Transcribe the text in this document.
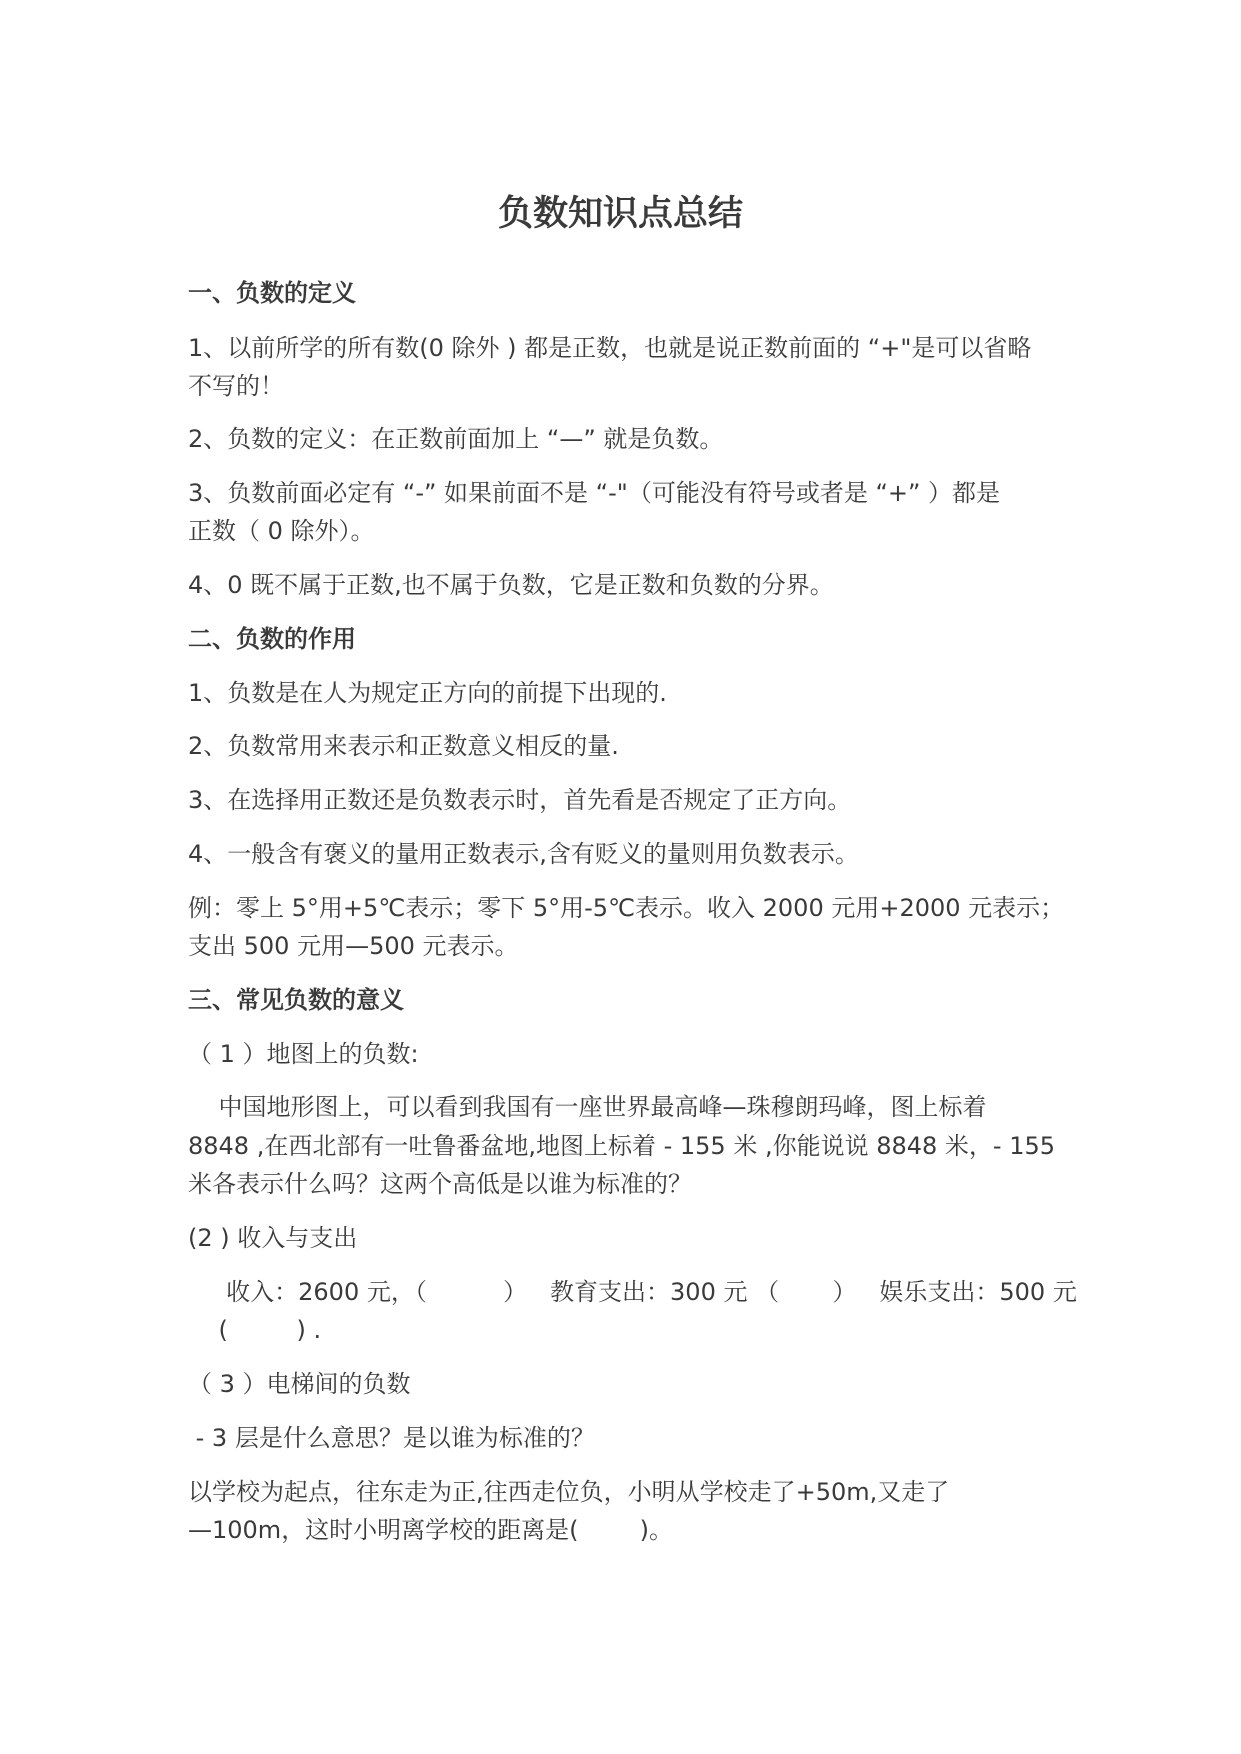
负数知识点总结
一、负数的定义
1、以前所学的所有数(0 除外 ) 都是正数，也就是说正数前面的 “+"是可以省略
不写的！
2、负数的定义：在正数前面加上 “—” 就是负数。
3、负数前面必定有 “-” 如果前面不是 “-"（可能没有符号或者是 “+” ）都是
正数（ 0 除外）。
4、0 既不属于正数,也不属于负数，它是正数和负数的分界。
二、负数的作用
1、负数是在人为规定正方向的前提下出现的.
2、负数常用来表示和正数意义相反的量.
3、在选择用正数还是负数表示时，首先看是否规定了正方向。
4、一般含有褒义的量用正数表示,含有贬义的量则用负数表示。
例：零上 5°用+5℃表示；零下 5°用-5℃表示。收入 2000 元用+2000 元表示；
支出 500 元用—500 元表示。
三、常见负数的意义
（ 1 ）地图上的负数:
中国地形图上，可以看到我国有一座世界最高峰—珠穆朗玛峰，图上标着
8848 ,在西北部有一吐鲁番盆地,地图上标着 - 155 米 ,你能说说 8848 米，- 155
米各表示什么吗？这两个高低是以谁为标准的？
(2 ) 收入与支出
收入：2600 元，（          ）   教育支出：300 元 （       ）   娱乐支出：500 元
(         ) .
（ 3 ）电梯间的负数
- 3 层是什么意思？是以谁为标准的？
以学校为起点，往东走为正,往西走位负，小明从学校走了+50m,又走了
—100m，这时小明离学校的距离是(        )。
